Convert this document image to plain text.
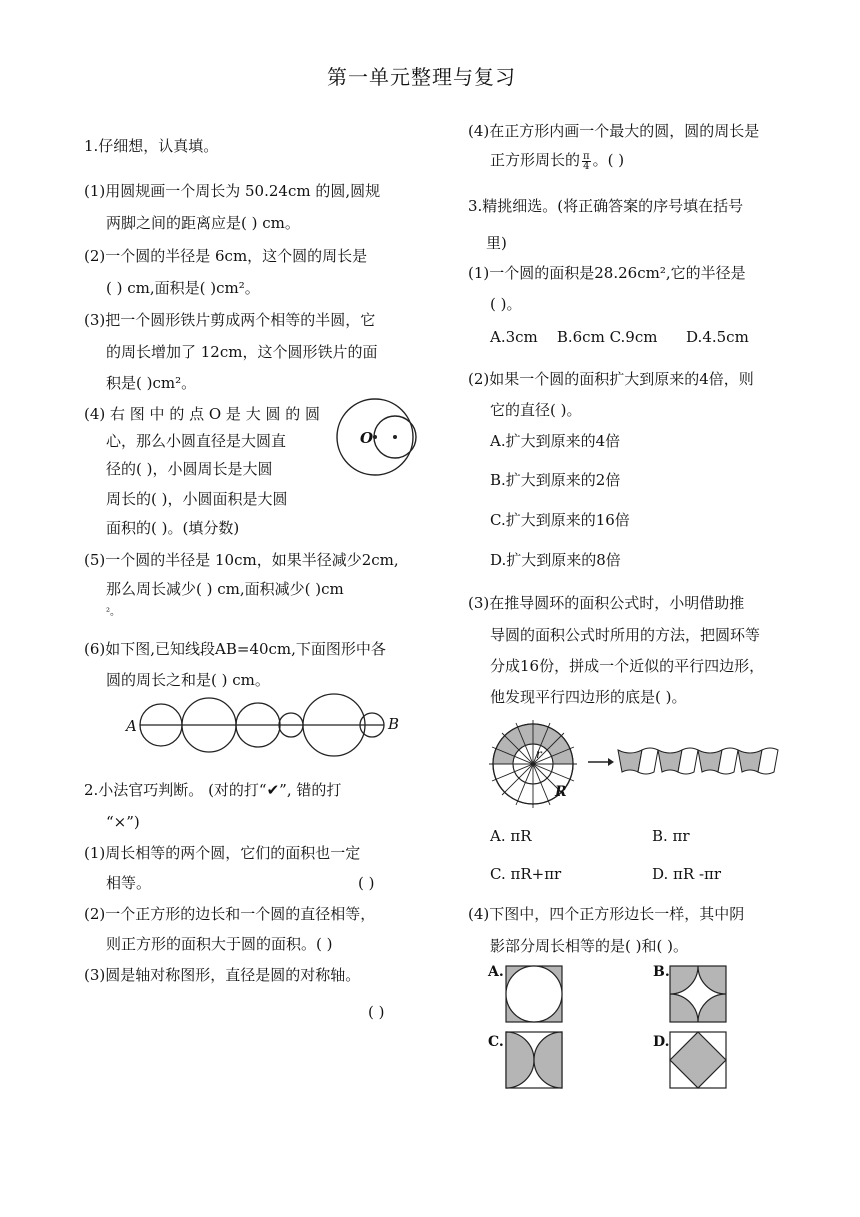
第一单元整理与复习
1.仔细想，认真填。
(1)用圆规画一个周长为 50.24cm 的圆,圆规
两脚之间的距离应是( ) cm。
(2)一个圆的半径是 6cm，这个圆的周长是
( ) cm,面积是( )cm²。
(3)把一个圆形铁片剪成两个相等的半圆，它
的周长增加了 12cm，这个圆形铁片的面
积是( )cm²。
(4) 右 图 中 的 点 O 是 大 圆 的 圆
心，那么小圆直径是大圆直
径的( )，小圆周长是大圆
周长的( )，小圆面积是大圆
面积的( )。(填分数)
O
(5)一个圆的半径是 10cm，如果半径减少2cm,
那么周长减少( ) cm,面积减少( )cm
²。
(6)如下图,已知线段AB=40cm,下面图形中各
圆的周长之和是( ) cm。
A	B
2.小法官巧判断。 (对的打“✔”, 错的打
“×”)
(1)周长相等的两个圆，它们的面积也一定
相等。	( )
(2)一个正方形的边长和一个圆的直径相等，
则正方形的面积大于圆的面积。( )
(3)圆是轴对称图形，直径是圆的对称轴。
( )
(4)在正方形内画一个最大的圆，圆的周长是
正方形周长的 $\frac{\pi}{4}$ 。( )
3.精挑细选。(将正确答案的序号填在括号
里)
(1)一个圆的面积是28.26cm²,它的半径是
( )。
A.3cm    B.6cm C.9cm      D.4.5cm
(2)如果一个圆的面积扩大到原来的4倍，则
它的直径( )。
A.扩大到原来的4倍
B.扩大到原来的2倍
C.扩大到原来的16倍
D.扩大到原来的8倍
(3)在推导圆环的面积公式时，小明借助推
导圆的面积公式时所用的方法，把圆环等
分成16份，拼成一个近似的平行四边形，
他发现平行四边形的底是( )。
r
R
A. πR	B. πr
C. πR+πr	D. πR -πr
(4)下图中，四个正方形边长一样，其中阴
影部分周长相等的是( )和( )。
A.	B.
C.	D.
